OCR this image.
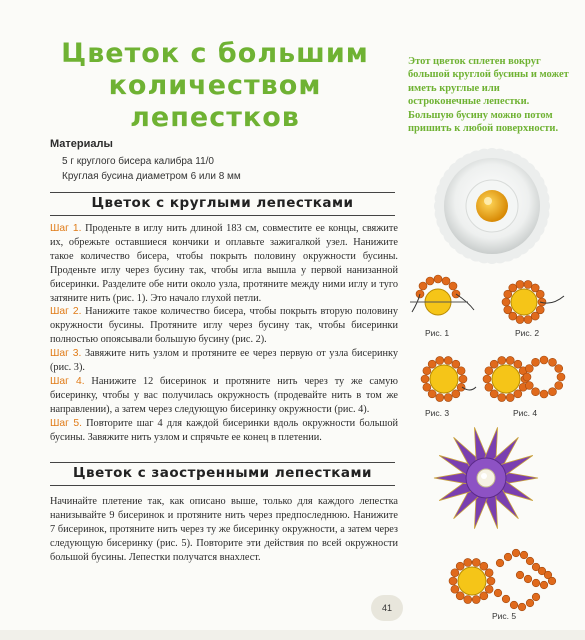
Цветок с большим
количеством
лепестков
Этот цветок сплетен вокруг большой круглой бусины и может иметь круглые или остроконечные лепестки. Большую бусину можно потом пришить к любой поверхности.
Материалы
5 г круглого бисера калибра 11/0
Круглая бусина диаметром 6 или 8 мм
Цветок с круглыми лепестками

Шаг 1. Проденьте в иглу нить длиной 183 см, совместите ее концы, свяжите их, обрежьте оставшиеся кончики и оплавьте зажигалкой узел. Нанижите такое количество бисера, чтобы покрыть половину окружности бусины. Проденьте иглу через бусину так, чтобы игла вышла у первой нанизанной бисеринки. Разделите обе нити около узла, протяните между ними иглу и туго затяните нить (рис. 1). Это начало глухой петли.

Шаг 2. Нанижите такое количество бисера, чтобы покрыть вторую половину окружности бусины. Протяните иглу через бусину так, чтобы бисеринки полностью опоясывали большую бусину (рис. 2).

Шаг 3. Завяжите нить узлом и протяните ее через первую от узла бисеринку (рис. 3).

Шаг 4. Нанижите 12 бисеринок и протяните нить через ту же самую бисеринку, чтобы у вас получилась окружность (продевайте нить в том же направлении), а затем через следующую бисеринку окружности (рис. 4).

Шаг 5. Повторите шаг 4 для каждой бисеринки вдоль окружности большой бусины. Завяжите нить узлом и спрячьте ее конец в плетении.

Цветок с заостренными лепестками
Начинайте плетение так, как описано выше, только для каждого лепестка нанизывайте 9 бисеринок и протяните нить через предпоследнюю. Нанижите 7 бисеринок, протяните нить через ту же бисеринку окружности, а затем через следующую бисеринку (рис. 5). Повторите эти действия по всей окружности большой бусины. Лепестки получатся внахлест.
Рис. 1	Рис. 2
Рис. 3	Рис. 4
Рис. 5
41
